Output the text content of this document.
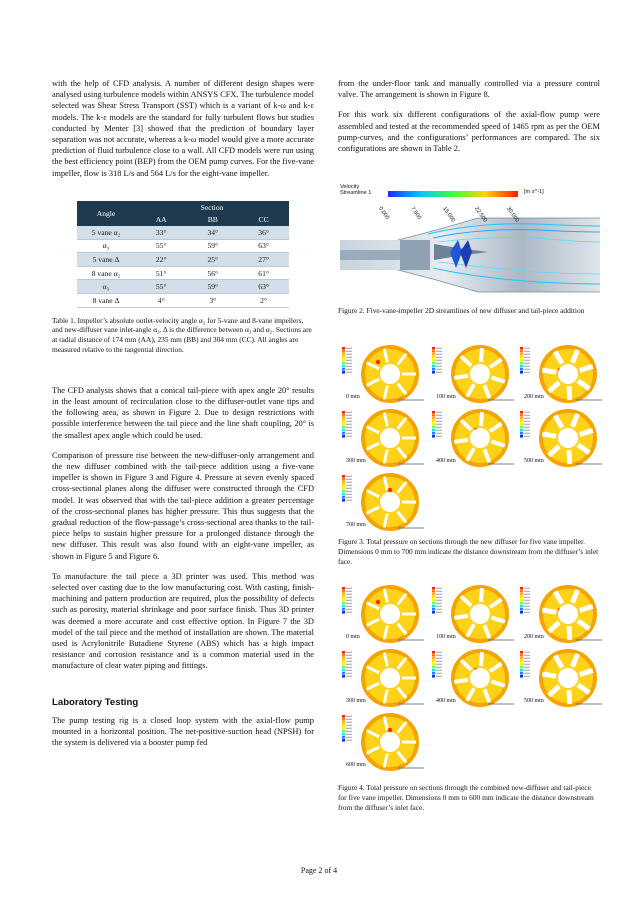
with the help of CFD analysis. A number of different design shapes were analysed using turbulence models within ANSYS CFX. The turbulence model selected was Shear Stress Transport (SST) which is a variant of k-ω and k-ε models. The k-ε models are the standard for fully turbulent flows but studies conducted by Menter [3] showed that the prediction of boundary layer separation was not accurate, whereas a k-ω model would give a more accurate prediction of fluid turbulence close to a wall. All CFD models were run using the best efficiency point (BEP) from the OEM pump curves. For the five-vane impeller, flow is 318 L/s and 564 L/s for the eight-vane impeller.

Angle	Section		
	AA	BB	CC
5 vane α₂	33°	34°	36°
α₃	55°	59°	63°
5 vane Δ	22°	25°	27°
8 vane α₂	51°	56°	61°
α₃	55°	59°	63°
8 vane Δ	4°	3°	2°

Table 1. Impeller’s absolute outlet-velocity angle α₂ for 5-vane and 8-vane impellers, and new-diffuser vane inlet-angle α₃. Δ is the difference between α₃ and α₂. Sections are at radial distance of 174 mm (AA), 235 mm (BB) and 304 mm (CC). All angles are measured relative to the tangential direction.

The CFD analysis shows that a conical tail-piece with apex angle 20° results in the least amount of recirculation close to the diffuser-outlet vane tips and the following area, as shown in Figure 2. Due to design restrictions with possible interference between the tail piece and the line shaft coupling, 20° is the smallest apex angle which could be used.

Comparison of pressure rise between the new-diffuser-only arrangement and the new diffuser combined with the tail-piece addition using a five-vane impeller is shown in Figure 3 and Figure 4. Pressure at seven evenly spaced cross-sectional planes along the diffuser were constructed through the CFD model. It was observed that with the tail-piece addition a greater percentage of the cross-sectional planes has higher pressure. This thus suggests that the gradual reduction of the flow-passage’s cross-sectional area thanks to the tail-piece helps to sustain higher pressure for a prolonged distance through the new diffuser. This result was also found with an eight-vane impeller, as shown in Figure 5 and Figure 6.

To manufacture the tail piece a 3D printer was used. This method was selected over casting due to the low manufacturing cost. With casting, finish-machining and pattern production are required, plus the possibility of defects such as porosity, material shrinkage and poor surface finish. Thus 3D printer was deemed a more accurate and cost effective option. In Figure 7 the 3D model of the tail piece and the method of installation are shown. The material used is Acrylonitrile Butadiene Styrene (ABS) which has a high impact resistance and corrosion resistance and is a common material used in the manufacture of clear water piping and fittings.

Laboratory Testing

The pump testing rig is a closed loop system with the axial-flow pump mounted in a horizontal position. The net-positive-suction head (NPSH) for the system is delivered via a booster pump fed

from the under-floor tank and manually controlled via a pressure control valve. The arrangement is shown in Figure 8.

For this work six different configurations of the axial-flow pump were assembled and tested at the recommended speed of 1465 rpm as per the OEM pump-curves, and the configurations’ performances are compared. The six configurations are shown in Table 2.

Velocity
Streamline 1	[m s^-1]
0.000	7.500	15.000	22.500	30.000

Figure 2. Five-vane-impeller 2D streamlines of new diffuser and tail-piece addition

0 mm	100 mm	200 mm
300 mm	400 mm	500 mm
700 mm

Figure 3. Total pressure on sections through the new diffuser for five vane impeller. Dimensions 0 mm to 700 mm indicate the distance downstream from the diffuser’s inlet face.

0 mm	100 mm	200 mm
300 mm	400 mm	500 mm
600 mm

Figure 4. Total pressure on sections through the combined new-diffuser and tail-piece for five vane impeller. Dimensions 0 mm to 600 mm indicate the distance downstream from the diffuser’s inlet face.

Page 2 of 4
